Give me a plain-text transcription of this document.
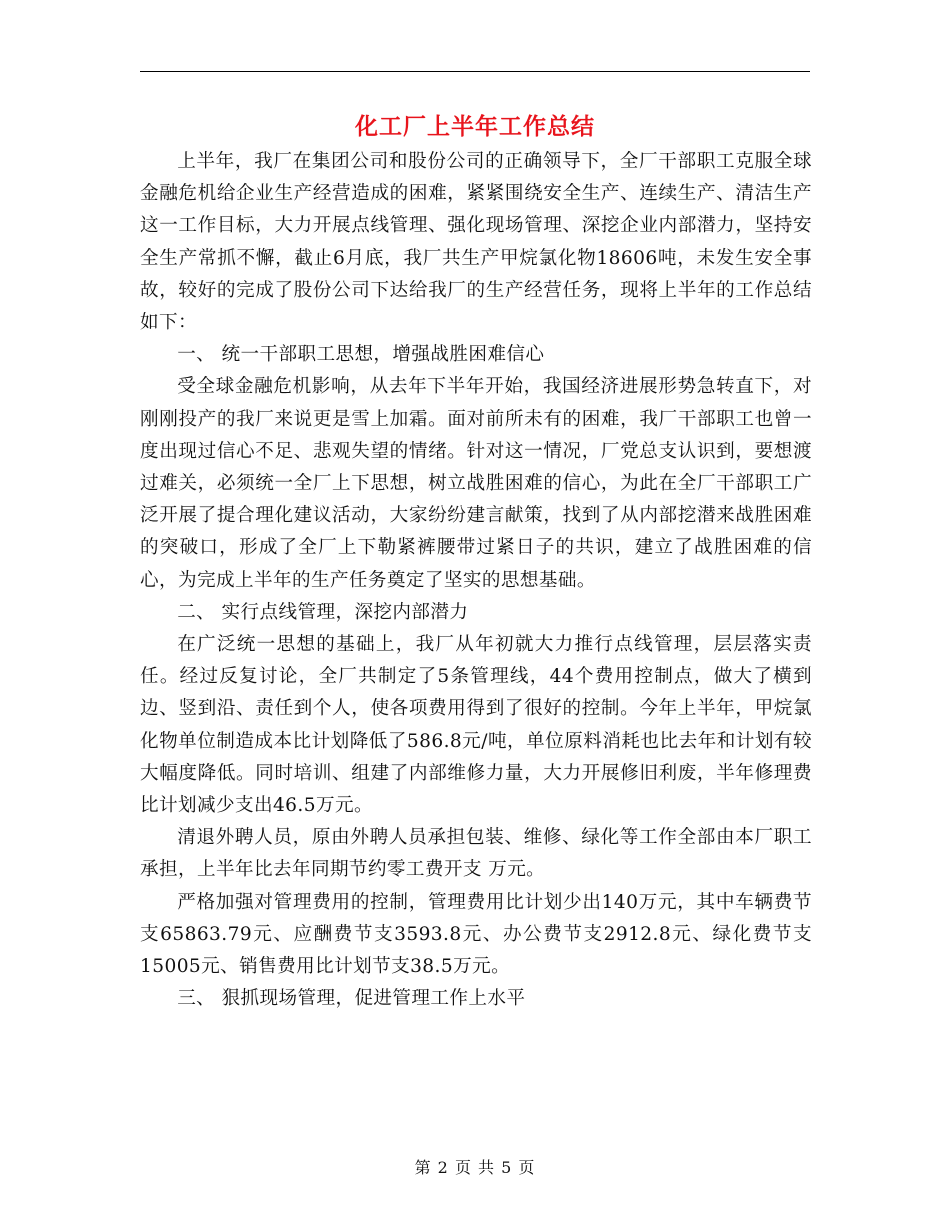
化工厂上半年工作总结

上半年，我厂在集团公司和股份公司的正确领导下，全厂干部职工克服全球金融危机给企业生产经营造成的困难，紧紧围绕安全生产、连续生产、清洁生产这一工作目标，大力开展点线管理、强化现场管理、深挖企业内部潜力，坚持安全生产常抓不懈，截止6月底，我厂共生产甲烷氯化物18606吨，未发生安全事故，较好的完成了股份公司下达给我厂的生产经营任务，现将上半年的工作总结如下：

一、 统一干部职工思想，增强战胜困难信心

受全球金融危机影响，从去年下半年开始，我国经济进展形势急转直下，对刚刚投产的我厂来说更是雪上加霜。面对前所未有的困难，我厂干部职工也曾一度出现过信心不足、悲观失望的情绪。针对这一情况，厂党总支认识到，要想渡过难关，必须统一全厂上下思想，树立战胜困难的信心，为此在全厂干部职工广泛开展了提合理化建议活动，大家纷纷建言献策，找到了从内部挖潜来战胜困难的突破口，形成了全厂上下勒紧裤腰带过紧日子的共识，建立了战胜困难的信心，为完成上半年的生产任务奠定了坚实的思想基础。

二、 实行点线管理，深挖内部潜力

在广泛统一思想的基础上，我厂从年初就大力推行点线管理，层层落实责任。经过反复讨论，全厂共制定了5条管理线，44个费用控制点，做大了横到边、竖到沿、责任到个人，使各项费用得到了很好的控制。今年上半年，甲烷氯化物单位制造成本比计划降低了586.8元/吨，单位原料消耗也比去年和计划有较大幅度降低。同时培训、组建了内部维修力量，大力开展修旧利废，半年修理费比计划减少支出46.5万元。

清退外聘人员，原由外聘人员承担包装、维修、绿化等工作全部由本厂职工承担，上半年比去年同期节约零工费开支 万元。

严格加强对管理费用的控制，管理费用比计划少出140万元，其中车辆费节支65863.79元、应酬费节支3593.8元、办公费节支2912.8元、绿化费节支15005元、销售费用比计划节支38.5万元。

三、 狠抓现场管理，促进管理工作上水平

第 2 页 共 5 页
